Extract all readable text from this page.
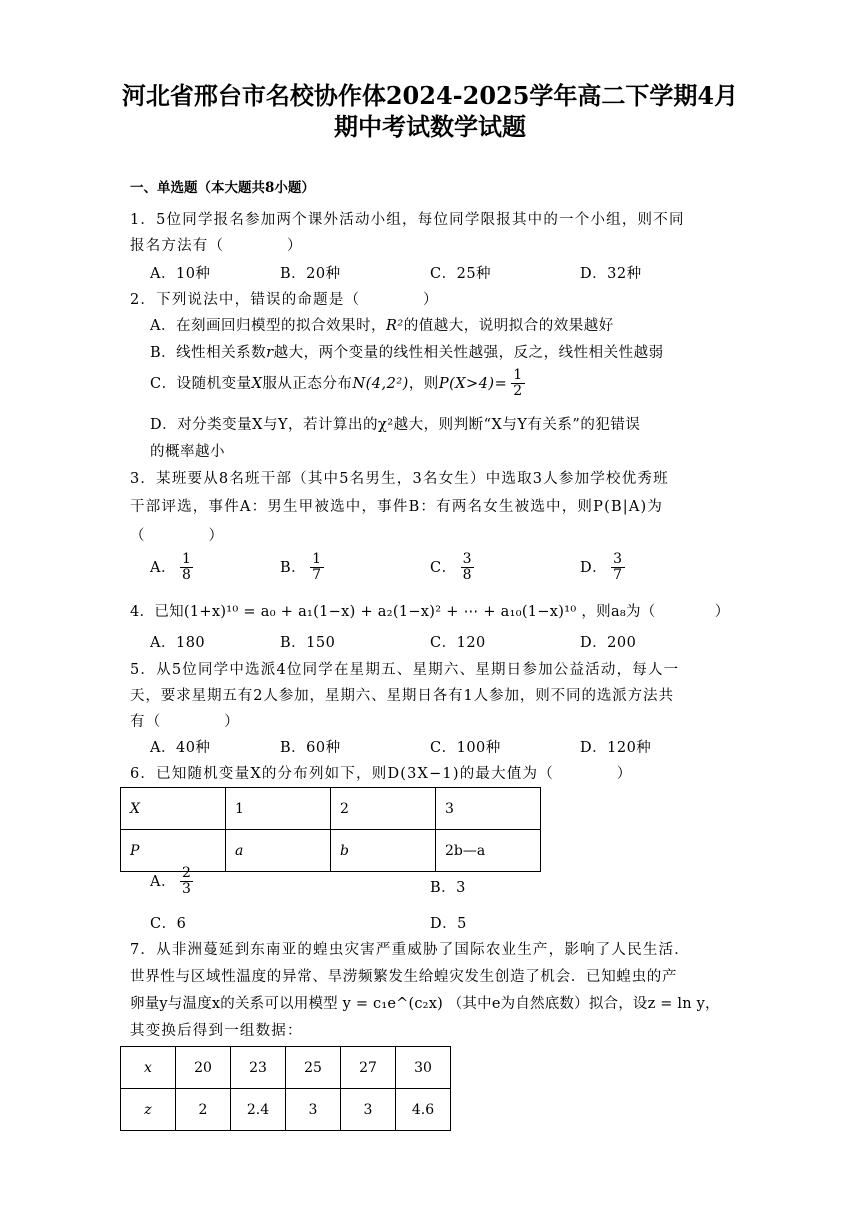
河北省邢台市名校协作体2024-2025学年高二下学期4月
期中考试数学试题
一、单选题（本大题共8小题）
1．5位同学报名参加两个课外活动小组，每位同学限报其中的一个小组，则不同
报名方法有（　　　　）
A．10种	B．20种	C．25种	D．32种
2．下列说法中，错误的命题是（　　　　）
A．在刻画回归模型的拟合效果时，R²的值越大，说明拟合的效果越好
B．线性相关系数r越大，两个变量的线性相关性越强，反之，线性相关性越弱
C．设随机变量X服从正态分布N(4,2²)，则$P(X>4)= \frac{1}{2}$
D．对分类变量X与Y，若计算出的χ²越大，则判断“X与Y有关系”的犯错误
的概率越小
3．某班要从8名班干部（其中5名男生，3名女生）中选取3人参加学校优秀班
干部评选，事件A：男生甲被选中，事件B：有两名女生被选中，则P(B|A)为
（　　　　）
A． $\frac{1}{8}$	B． $\frac{1}{7}$	C． $\frac{3}{8}$	D． $\frac{3}{7}$
4．已知(1+x)¹⁰ = a₀ + a₁(1−x) + a₂(1−x)² + ⋯ + a₁₀(1−x)¹⁰ ，则a₈为（　　　　）
A．180	B．150	C．120	D．200
5．从5位同学中选派4位同学在星期五、星期六、星期日参加公益活动，每人一
天，要求星期五有2人参加，星期六、星期日各有1人参加，则不同的选派方法共
有（　　　　）
A．40种	B．60种	C．100种	D．120种
6．已知随机变量X的分布列如下，则D(3X−1)的最大值为（　　　　）
X	1	2	3
P	a	b	2b—a
A． $\frac{2}{3}$	B．3
C．6	D．5
7．从非洲蔓延到东南亚的蝗虫灾害严重威胁了国际农业生产，影响了人民生活．
世界性与区域性温度的异常、旱涝频繁发生给蝗灾发生创造了机会．已知蝗虫的产
卵量y与温度x的关系可以用模型 y = c₁e^(c₂x) （其中e为自然底数）拟合，设z = ln y，
其变换后得到一组数据：
x	20	23	25	27	30
z	2	2.4	3	3	4.6
